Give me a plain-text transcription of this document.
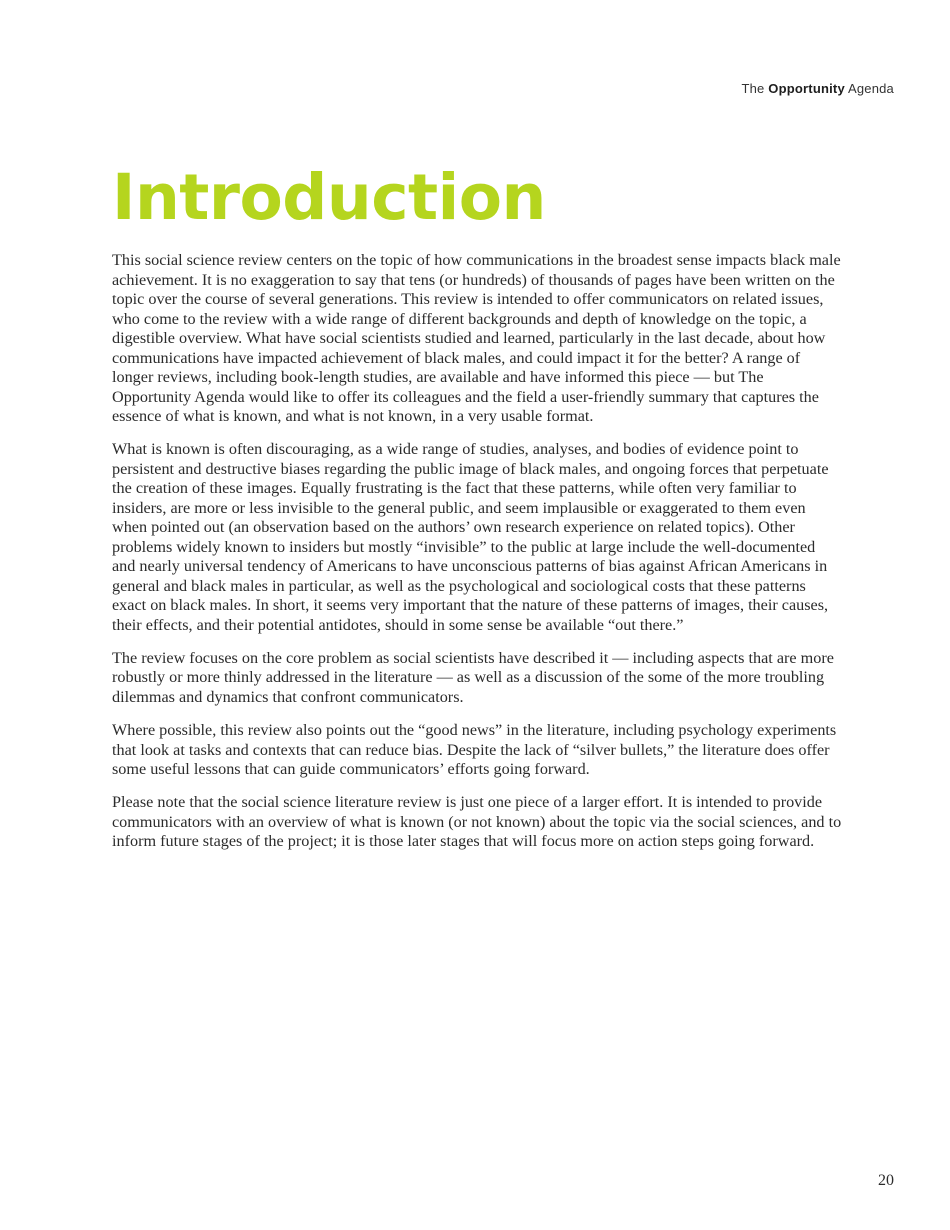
The Opportunity Agenda
Introduction

This social science review centers on the topic of how communications in the broadest sense impacts black male achievement. It is no exaggeration to say that tens (or hundreds) of thousands of pages have been written on the topic over the course of several generations. This review is intended to offer communicators on related issues, who come to the review with a wide range of different backgrounds and depth of knowledge on the topic, a digestible overview. What have social scientists studied and learned, particularly in the last decade, about how communications have impacted achievement of black males, and could impact it for the better? A range of longer reviews, including book-length studies, are available and have informed this piece — but The Opportunity Agenda would like to offer its colleagues and the field a user-friendly summary that captures the essence of what is known, and what is not known, in a very usable format.

What is known is often discouraging, as a wide range of studies, analyses, and bodies of evidence point to persistent and destructive biases regarding the public image of black males, and ongoing forces that perpetuate the creation of these images. Equally frustrating is the fact that these patterns, while often very familiar to insiders, are more or less invisible to the general public, and seem implausible or exaggerated to them even when pointed out (an observation based on the authors’ own research experience on related topics). Other problems widely known to insiders but mostly “invisible” to the public at large include the well-documented and nearly universal tendency of Americans to have unconscious patterns of bias against African Americans in general and black males in particular, as well as the psychological and sociological costs that these patterns exact on black males. In short, it seems very important that the nature of these patterns of images, their causes, their effects, and their potential antidotes, should in some sense be available “out there.”

The review focuses on the core problem as social scientists have described it — including aspects that are more robustly or more thinly addressed in the literature — as well as a discussion of the some of the more troubling dilemmas and dynamics that confront communicators.

Where possible, this review also points out the “good news” in the literature, including psychology experiments that look at tasks and contexts that can reduce bias. Despite the lack of “silver bullets,” the literature does offer some useful lessons that can guide communicators’ efforts going forward.

Please note that the social science literature review is just one piece of a larger effort. It is intended to provide communicators with an overview of what is known (or not known) about the topic via the social sciences, and to inform future stages of the project; it is those later stages that will focus more on action steps going forward.

20
